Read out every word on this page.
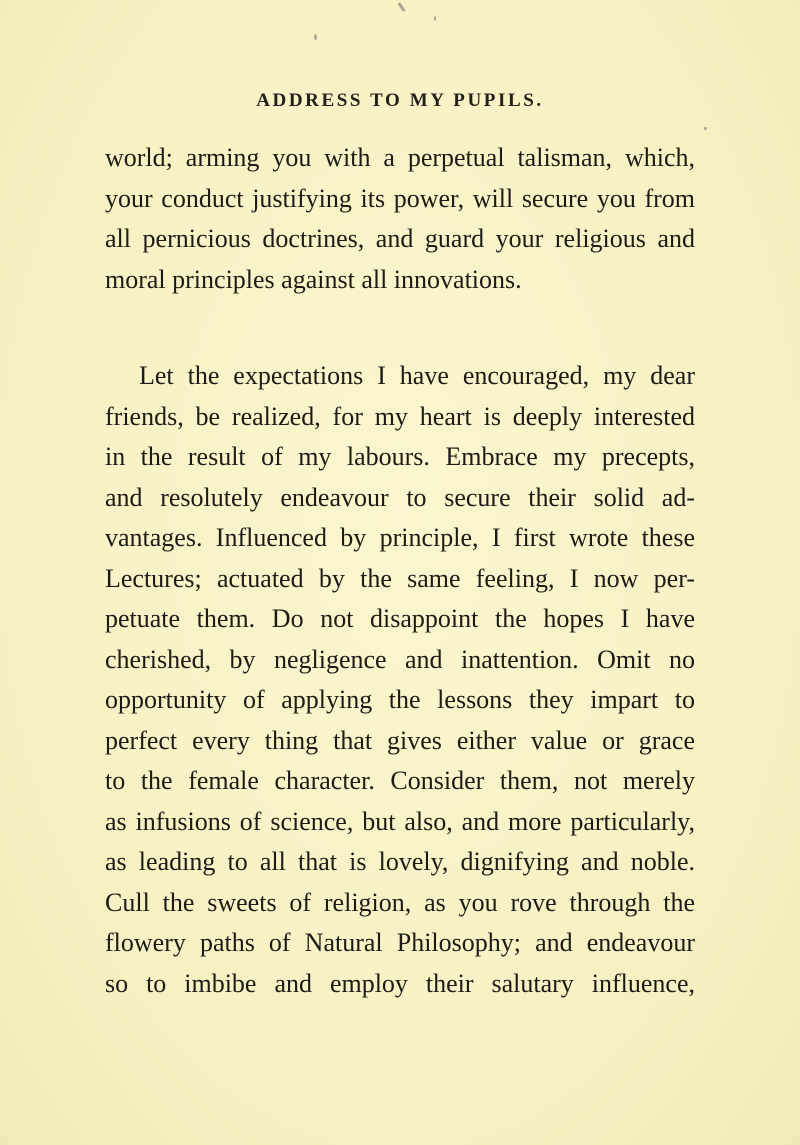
ADDRESS TO MY PUPILS.
world; arming you with a perpetual talisman, which,
your conduct justifying its power, will secure you from
all pernicious doctrines, and guard your religious and
moral principles against all innovations.
Let the expectations I have encouraged, my dear
friends, be realized, for my heart is deeply interested
in the result of my labours. Embrace my precepts,
and resolutely endeavour to secure their solid ad-
vantages. Influenced by principle, I first wrote these
Lectures; actuated by the same feeling, I now per-
petuate them. Do not disappoint the hopes I have
cherished, by negligence and inattention. Omit no
opportunity of applying the lessons they impart to
perfect every thing that gives either value or grace
to the female character. Consider them, not merely
as infusions of science, but also, and more particularly,
as leading to all that is lovely, dignifying and noble.
Cull the sweets of religion, as you rove through the
flowery paths of Natural Philosophy; and endeavour
so to imbibe and employ their salutary influence,
